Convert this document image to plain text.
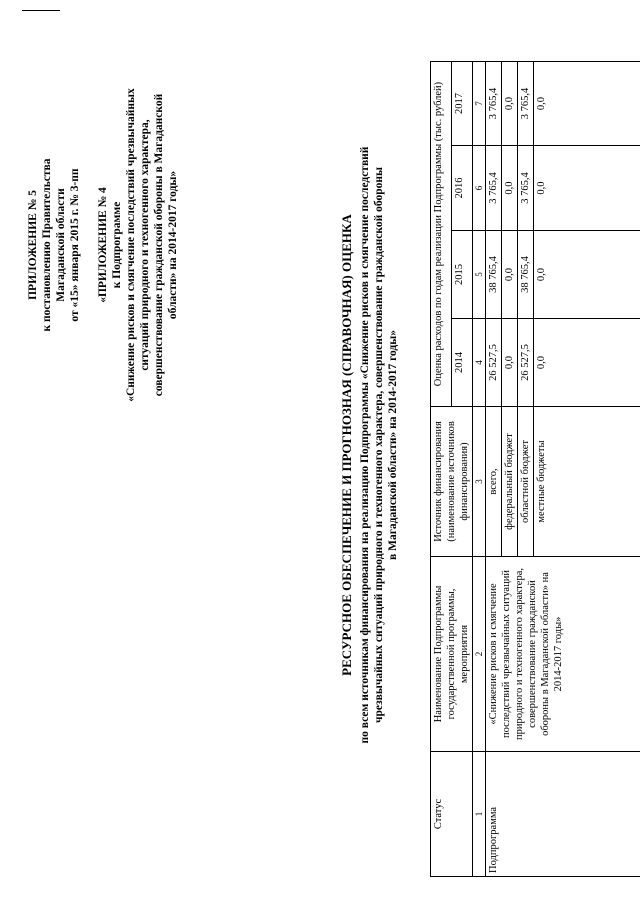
ПРИЛОЖЕНИЕ № 5 к постановлению Правительства Магаданской области от «15» января 2015 г. № 3-пп «ПРИЛОЖЕНИЕ № 4 к Подпрограмме «Снижение рисков и смягчение последствий чрезвычайных ситуаций природного и техногенного характера, совершенствование гражданской обороны в Магаданской области» на 2014-2017 годы»	РЕСУРСНОЕ ОБЕСПЕЧЕНИЕ И ПРОГНОЗНАЯ (СПРАВОЧНАЯ) ОЦЕНКА по всем источникам финансирования на реализацию Подпрограммы «Снижение рисков и смягчение последствий чрезвычайных ситуаций природного и техногенного характера, совершенствование гражданской обороны в Магаданской области» на 2014-2017 годы»
Статус	Наименование Подпрограммы государственной программы, мероприятия	Источник финансирования (наименование источников финансирования)	Оценка расходов по годам реализации Подпрограммы (тыс. рублей)			
			2014	2015	2016	2017
1	2	3	4	5	6	7
Подпрограмма	«Снижение рисков и смягчение последствий чрезвычайных ситуаций природного и техногенного характера, совершенствование гражданской обороны в Магаданской области» на 2014-2017 годы»	всего,	26 527,5	38 765,4	3 765,4	3 765,4
		федеральный бюджет	0,0	0,0	0,0	0,0
		областной бюджет	26 527,5	38 765,4	3 765,4	3 765,4
		местные бюджеты	0,0	0,0	0,0	0,0
